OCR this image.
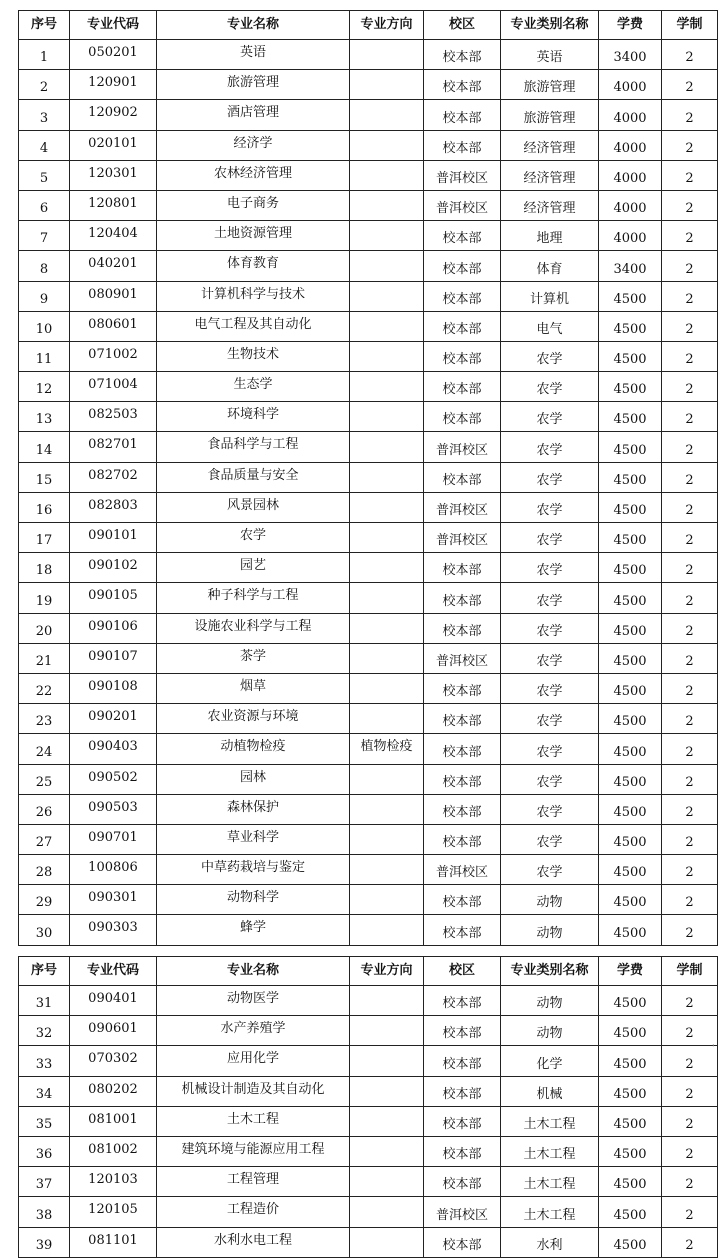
序号	专业代码	专业名称	专业方向	校区	专业类别名称	学费	学制
1	050201	英语		校本部	英语	3400	2
2	120901	旅游管理		校本部	旅游管理	4000	2
3	120902	酒店管理		校本部	旅游管理	4000	2
4	020101	经济学		校本部	经济管理	4000	2
5	120301	农林经济管理		普洱校区	经济管理	4000	2
6	120801	电子商务		普洱校区	经济管理	4000	2
7	120404	土地资源管理		校本部	地理	4000	2
8	040201	体育教育		校本部	体育	3400	2
9	080901	计算机科学与技术		校本部	计算机	4500	2
10	080601	电气工程及其自动化		校本部	电气	4500	2
11	071002	生物技术		校本部	农学	4500	2
12	071004	生态学		校本部	农学	4500	2
13	082503	环境科学		校本部	农学	4500	2
14	082701	食品科学与工程		普洱校区	农学	4500	2
15	082702	食品质量与安全		校本部	农学	4500	2
16	082803	风景园林		普洱校区	农学	4500	2
17	090101	农学		普洱校区	农学	4500	2
18	090102	园艺		校本部	农学	4500	2
19	090105	种子科学与工程		校本部	农学	4500	2
20	090106	设施农业科学与工程		校本部	农学	4500	2
21	090107	茶学		普洱校区	农学	4500	2
22	090108	烟草		校本部	农学	4500	2
23	090201	农业资源与环境		校本部	农学	4500	2
24	090403	动植物检疫	植物检疫	校本部	农学	4500	2
25	090502	园林		校本部	农学	4500	2
26	090503	森林保护		校本部	农学	4500	2
27	090701	草业科学		校本部	农学	4500	2
28	100806	中草药栽培与鉴定		普洱校区	农学	4500	2
29	090301	动物科学		校本部	动物	4500	2
30	090303	蜂学		校本部	动物	4500	2
序号	专业代码	专业名称	专业方向	校区	专业类别名称	学费	学制
31	090401	动物医学		校本部	动物	4500	2
32	090601	水产养殖学		校本部	动物	4500	2
33	070302	应用化学		校本部	化学	4500	2
34	080202	机械设计制造及其自动化		校本部	机械	4500	2
35	081001	土木工程		校本部	土木工程	4500	2
36	081002	建筑环境与能源应用工程		校本部	土木工程	4500	2
37	120103	工程管理		校本部	土木工程	4500	2
38	120105	工程造价		普洱校区	土木工程	4500	2
39	081101	水利水电工程		校本部	水利	4500	2
'
